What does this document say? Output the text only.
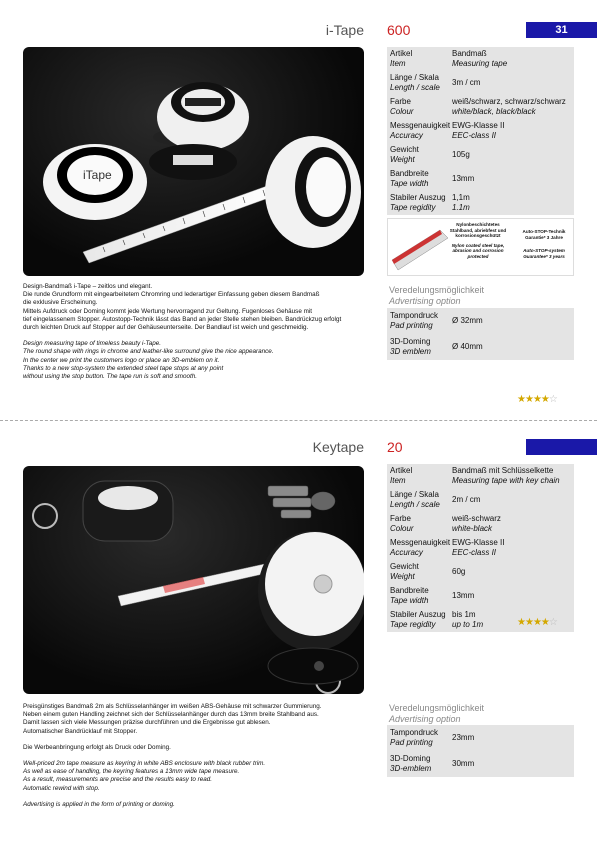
i-Tape 600	31
iTape
Artikel
Item
Bandmaß
Measuring tape
Länge / Skala
Length / scale
3m / cm
Farbe
Colour
weiß/schwarz, schwarz/schwarz
white/black, black/black
Messgenauigkeit
Accuracy
EWG-Klasse II
EEC-class II
Gewicht
Weight
105g
Bandbreite
Tape width
13mm
Stabiler Auszug
Tape regidity
1,1m
1.1m
Nylonbeschichtetes Stahlband, abriebfest und korrosionsgeschützt
Nylon coated steel tape, abrasion and corrosion protected
Auto-STOP-Technik Garantie* 3 Jahre
Auto-STOP-system Guarantee* 3 years
Veredelungsmöglichkeit
Advertising option
Tampondruck
Pad printing
Ø 32mm
3D-Doming
3D emblem
Ø 40mm

Design-Bandmaß i-Tape – zeitlos und elegant.

Die runde Grundform mit eingearbeitetem Chromring und lederartiger Einfassung geben diesem Bandmaß

die exklusive Erscheinung.

Mittels Aufdruck oder Doming kommt jede Wertung hervorragend zur Geltung. Fugenloses Gehäuse mit

tief eingelassenem Stopper. Autostopp-Technik lässt das Band an jeder Stelle stehen bleiben. Bandrückzug erfolgt

durch leichten Druck auf Stopper auf der Gehäuseunterseite. Der Bandlauf ist weich und geschmeidig.

Design measuring tape of timeless beauty i-Tape.

The round shape with rings in chrome and leather-like surround give the nice appearance.

In the center we print the customers logo or place an 3D-emblem on it.

Thanks to a new stop-system the extended steel tape stops at any point

without using the stop button. The tape run is soft and smooth.

★★★★☆
Keytape 20
Artikel
Item
Bandmaß mit Schlüsselkette
Measuring tape with key chain
Länge / Skala
Length / scale
2m / cm
Farbe
Colour
weiß-schwarz
white-black
Messgenauigkeit
Accuracy
EWG-Klasse II
EEC-class II
Gewicht
Weight
60g
Bandbreite
Tape width
13mm
Stabiler Auszug
Tape regidity
bis 1m
up to 1m	★★★★☆
Veredelungsmöglichkeit
Advertising option
Tampondruck
Pad printing
23mm
3D-Doming
3D-emblem
30mm

Preisgünstiges Bandmaß 2m als Schlüsselanhänger im weißen ABS-Gehäuse mit schwarzer Gummierung.

Neben einem guten Handling zeichnet sich der Schlüsselanhänger durch das 13mm breite Stahlband aus.

Damit lassen sich viele Messungen präzise durchführen und die Ergebnisse gut ablesen.

Automatischer Bandrücklauf mit Stopper.

Die Werbeanbringung erfolgt als Druck oder Doming.

Well-priced 2m tape measure as keyring in white ABS enclosure with black rubber trim.

As well as ease of handling, the keyring features a 13mm wide tape measure.

As a result, measurements are precise and the results easy to read.

Automatic rewind with stop.

Advertising is applied in the form of printing or doming.
